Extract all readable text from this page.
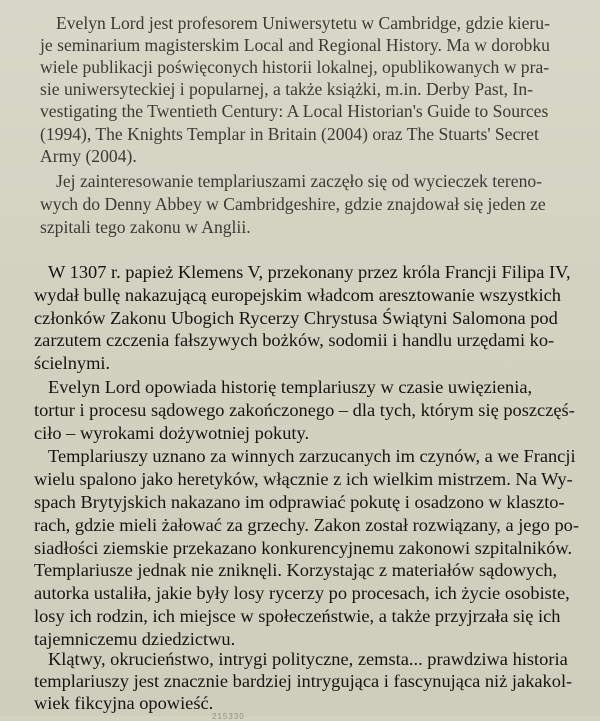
Evelyn Lord jest profesorem Uniwersytetu w Cambridge, gdzie kieru-
je seminarium magisterskim Local and Regional History. Ma w dorobku
wiele publikacji poświęconych historii lokalnej, opublikowanych w pra-
sie uniwersyteckiej i popularnej, a także książki, m.in. Derby Past, In-
vestigating the Twentieth Century: A Local Historian's Guide to Sources
(1994), The Knights Templar in Britain (2004) oraz The Stuarts' Secret
Army (2004).
Jej zainteresowanie templariuszami zaczęło się od wycieczek tereno-
wych do Denny Abbey w Cambridgeshire, gdzie znajdował się jeden ze
szpitali tego zakonu w Anglii.
W 1307 r. papież Klemens V, przekonany przez króla Francji Filipa IV,
wydał bullę nakazującą europejskim władcom aresztowanie wszystkich
członków Zakonu Ubogich Rycerzy Chrystusa Świątyni Salomona pod
zarzutem czczenia fałszywych bożków, sodomii i handlu urzędami ko-
ścielnymi.
Evelyn Lord opowiada historię templariuszy w czasie uwięzienia,
tortur i procesu sądowego zakończonego – dla tych, którym się poszczęś-
ciło – wyrokami dożywotniej pokuty.
Templariuszy uznano za winnych zarzucanych im czynów, a we Francji
wielu spalono jako heretyków, włącznie z ich wielkim mistrzem. Na Wy-
spach Brytyjskich nakazano im odprawiać pokutę i osadzono w klaszto-
rach, gdzie mieli żałować za grzechy. Zakon został rozwiązany, a jego po-
siadłości ziemskie przekazano konkurencyjnemu zakonowi szpitalników.
Templariusze jednak nie zniknęli. Korzystając z materiałów sądowych,
autorka ustaliła, jakie były losy rycerzy po procesach, ich życie osobiste,
losy ich rodzin, ich miejsce w społeczeństwie, a także przyjrzała się ich
tajemniczemu dziedzictwu.
Klątwy, okrucieństwo, intrygi polityczne, zemsta... prawdziwa historia
templariuszy jest znacznie bardziej intrygująca i fascynująca niż jakakol-
wiek fikcyjna opowieść.
215330
